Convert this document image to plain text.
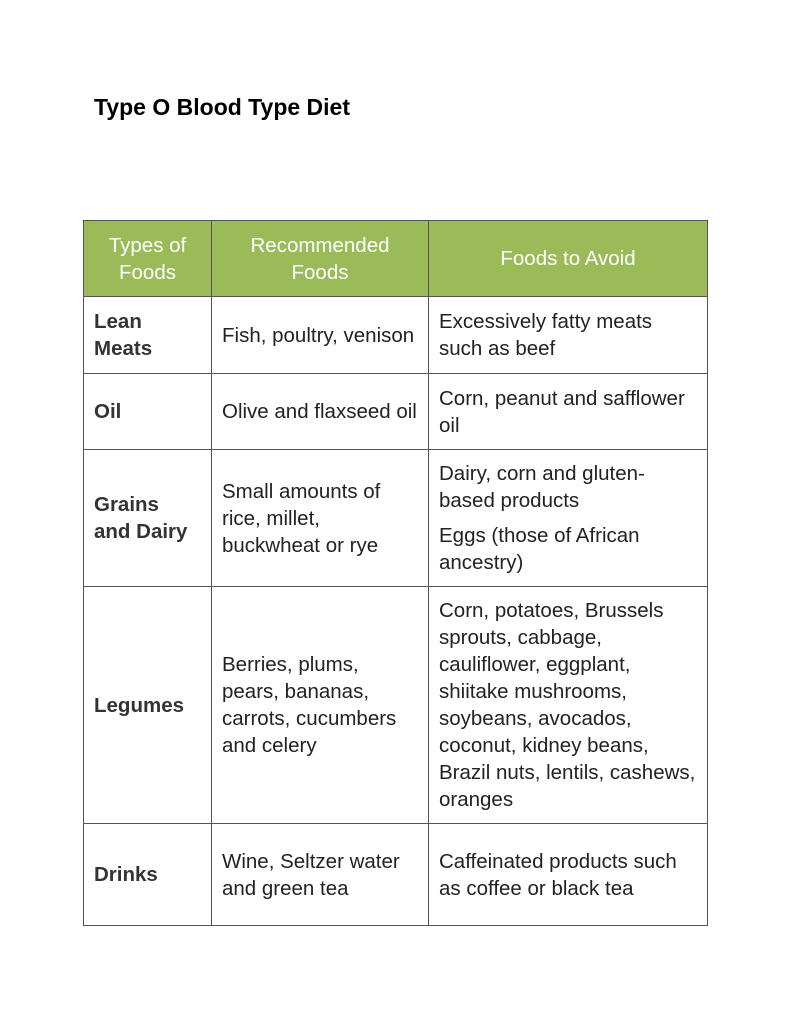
Type O Blood Type Diet
Types of Foods	Recommended Foods	Foods to Avoid
Lean Meats	Fish, poultry, venison	Excessively fatty meats such as beef

Oil	Olive and flaxseed oil	Corn, peanut and safflower oil

Grains and Dairy	Small amounts of rice, millet, buckwheat or rye	Dairy, corn and gluten-based products
Eggs (those of African ancestry)

Legumes	Berries, plums, pears, bananas, carrots, cucumbers and celery	Corn, potatoes, Brussels sprouts, cabbage, cauliflower, eggplant, shiitake mushrooms, soybeans, avocados, coconut, kidney beans, Brazil nuts, lentils, cashews, oranges

Drinks	Wine, Seltzer water and green tea	Caffeinated products such as coffee or black tea
